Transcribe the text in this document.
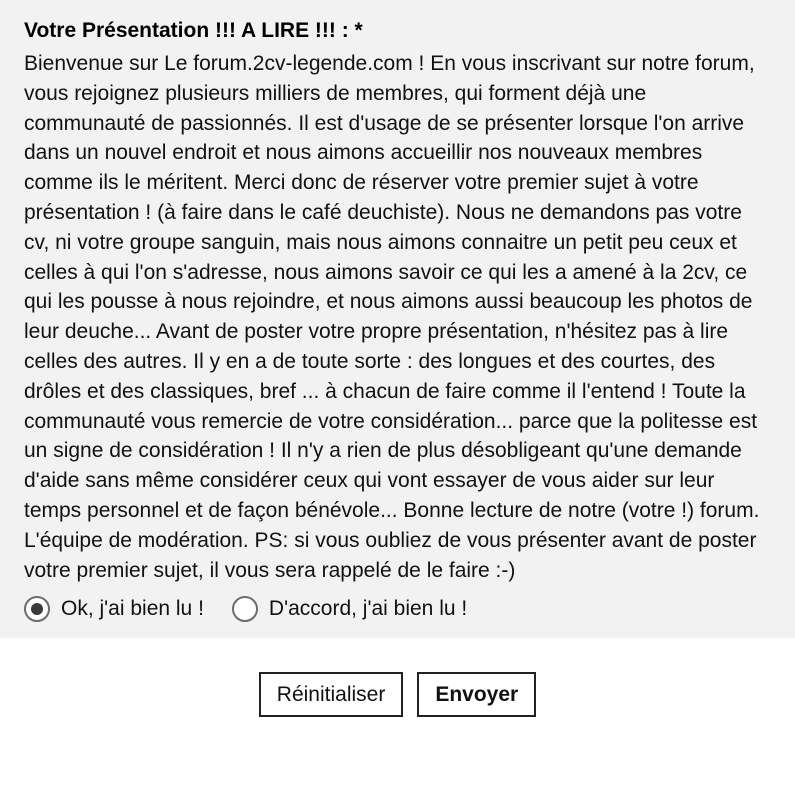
Votre Présentation !!! A LIRE !!! : *
Bienvenue sur Le forum.2cv-legende.com ! En vous inscrivant sur notre forum, vous rejoignez plusieurs milliers de membres, qui forment déjà une communauté de passionnés. Il est d'usage de se présenter lorsque l'on arrive dans un nouvel endroit et nous aimons accueillir nos nouveaux membres comme ils le méritent. Merci donc de réserver votre premier sujet à votre présentation ! (à faire dans le café deuchiste). Nous ne demandons pas votre cv, ni votre groupe sanguin, mais nous aimons connaitre un petit peu ceux et celles à qui l'on s'adresse, nous aimons savoir ce qui les a amené à la 2cv, ce qui les pousse à nous rejoindre, et nous aimons aussi beaucoup les photos de leur deuche... Avant de poster votre propre présentation, n'hésitez pas à lire celles des autres. Il y en a de toute sorte : des longues et des courtes, des drôles et des classiques, bref ... à chacun de faire comme il l'entend ! Toute la communauté vous remercie de votre considération... parce que la politesse est un signe de considération ! Il n'y a rien de plus désobligeant qu'une demande d'aide sans même considérer ceux qui vont essayer de vous aider sur leur temps personnel et de façon bénévole... Bonne lecture de notre (votre !) forum. L'équipe de modération. PS: si vous oubliez de vous présenter avant de poster votre premier sujet, il vous sera rappelé de le faire :-)
Ok, j'ai bien lu !	D'accord, j'ai bien lu !
Réinitialiser	Envoyer
